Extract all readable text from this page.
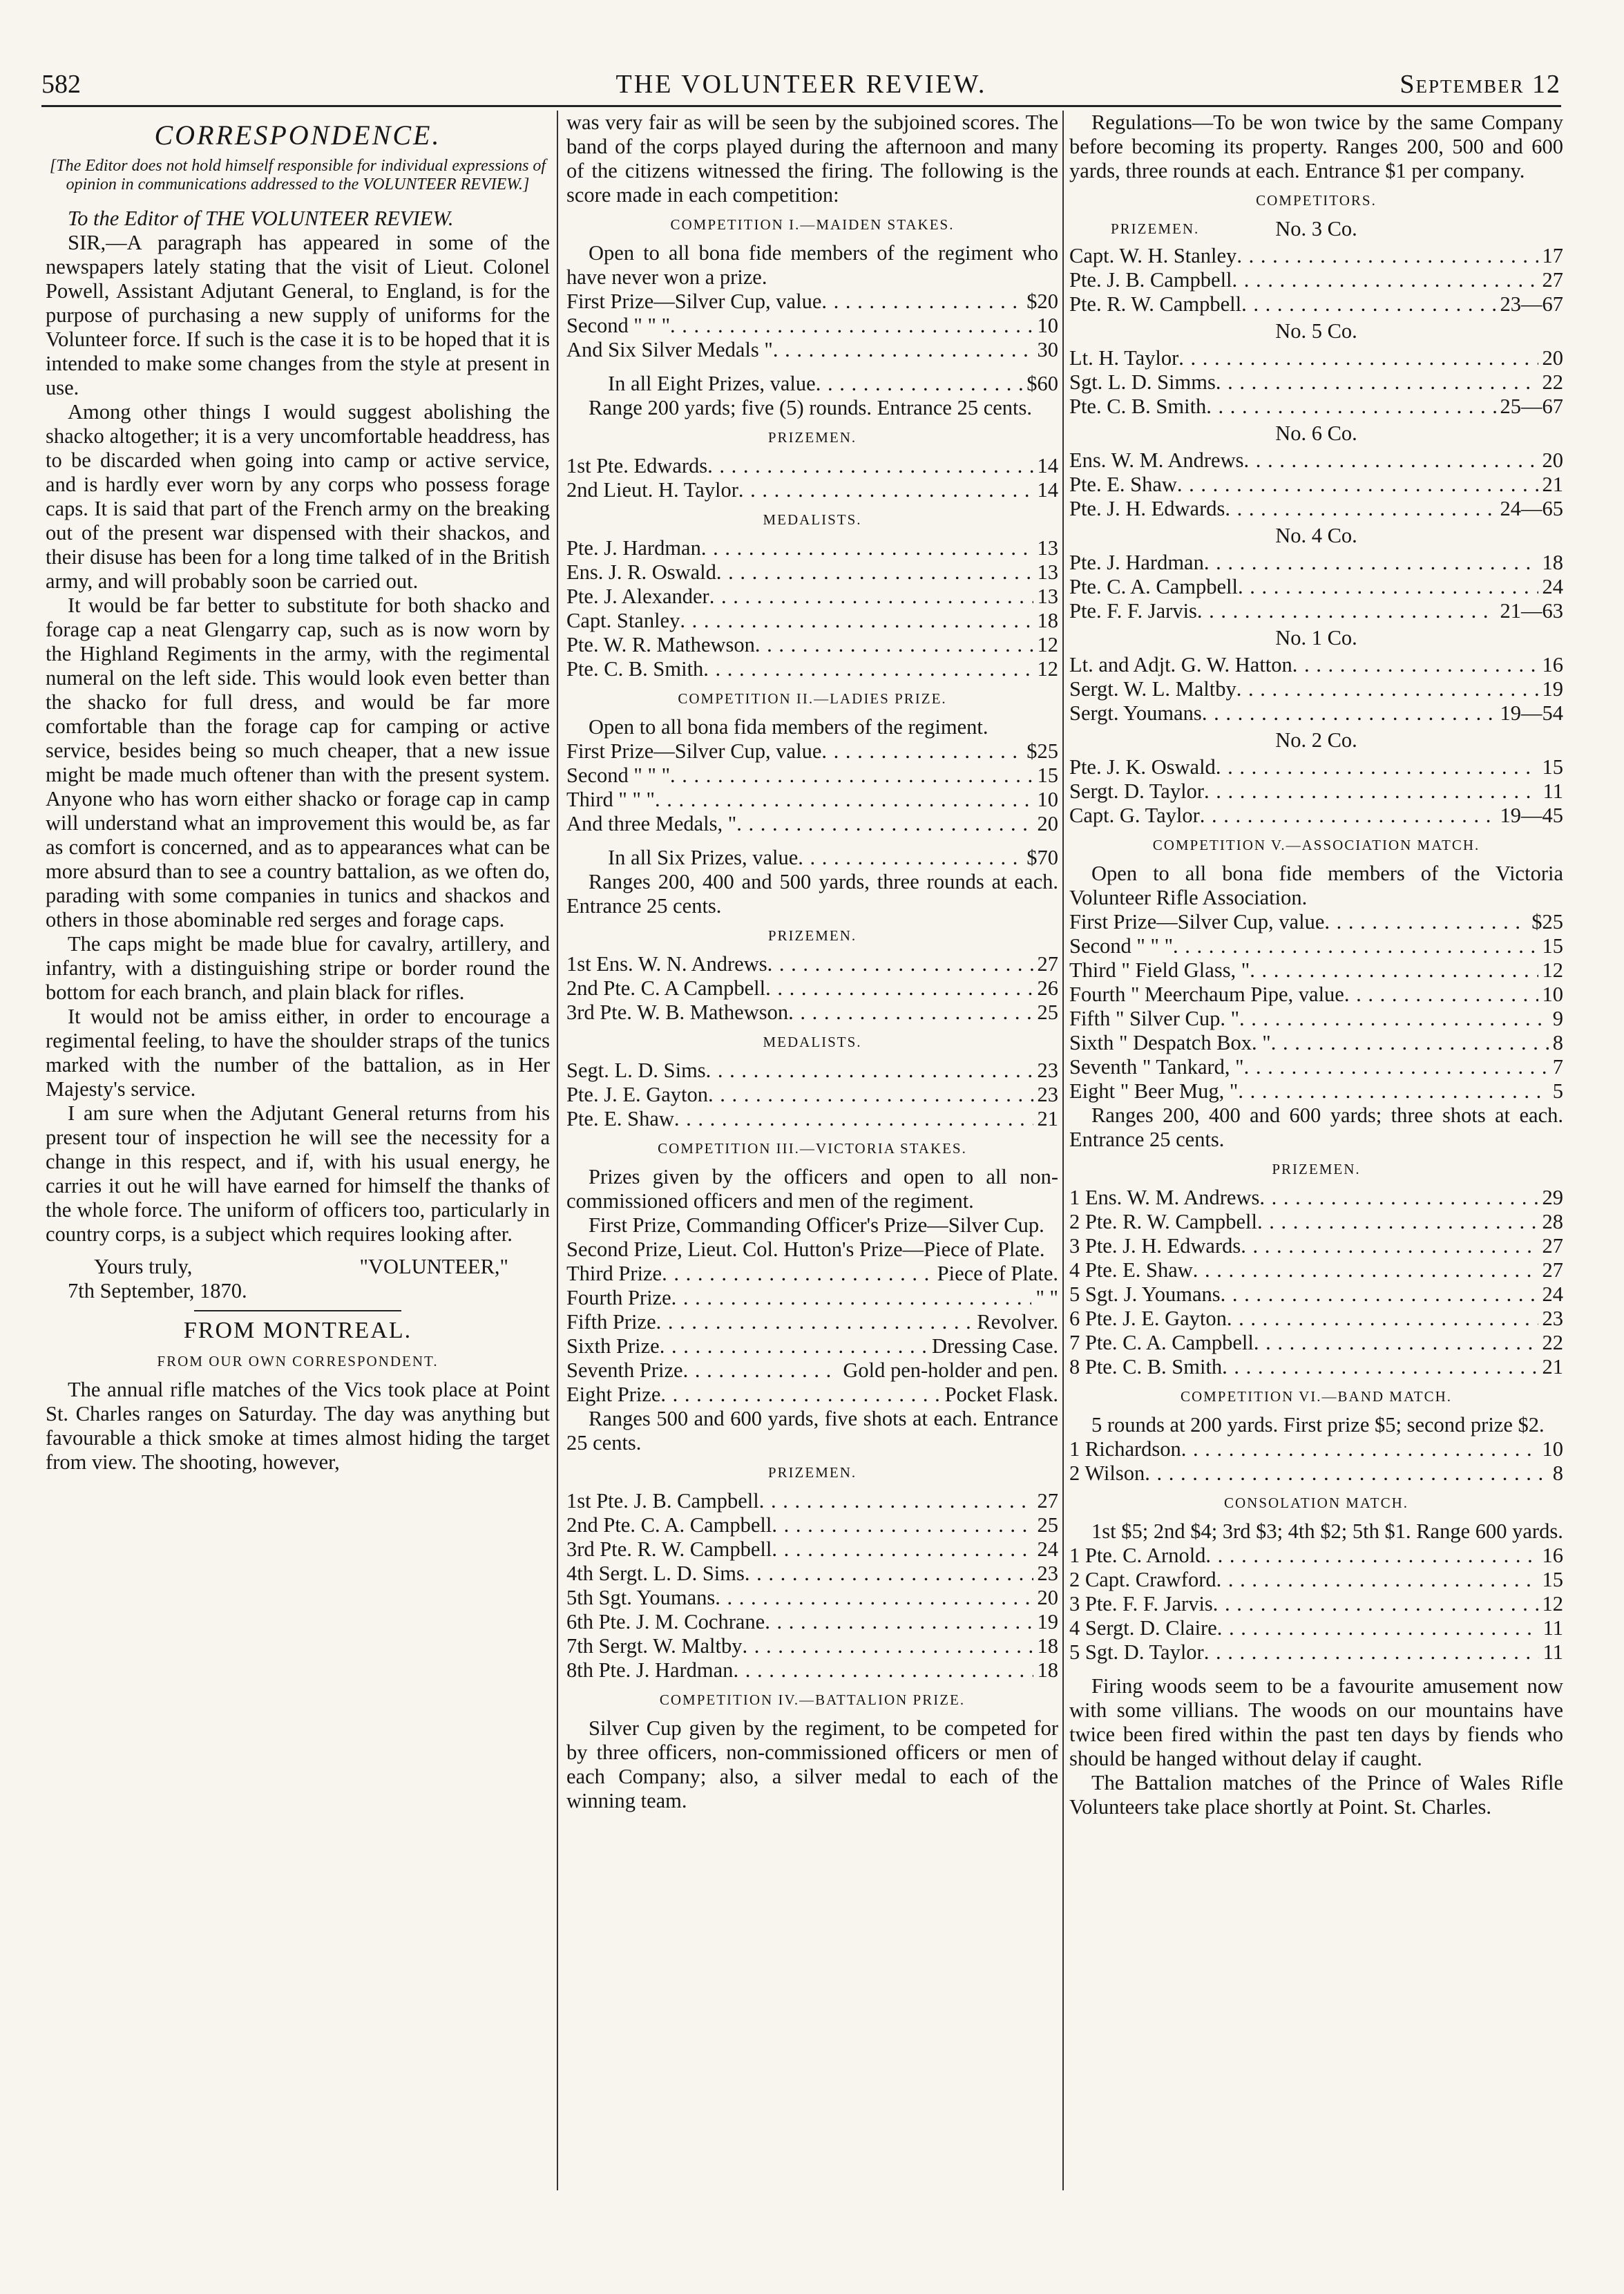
582	THE VOLUNTEER REVIEW.	September 12
CORRESPONDENCE.

[The Editor does not hold himself responsible for individual expressions of opinion in communications addressed to the VOLUNTEER REVIEW.]

To the Editor of THE VOLUNTEER REVIEW.

SIR,—A paragraph has appeared in some of the newspapers lately stating that the visit of Lieut. Colonel Powell, Assistant Adjutant General, to England, is for the purpose of purchasing a new supply of uniforms for the Volunteer force. If such is the case it is to be hoped that it is intended to make some changes from the style at present in use.

Among other things I would suggest abolishing the shacko altogether; it is a very uncomfortable headdress, has to be discarded when going into camp or active service, and is hardly ever worn by any corps who possess forage caps. It is said that part of the French army on the breaking out of the present war dispensed with their shackos, and their disuse has been for a long time talked of in the British army, and will probably soon be carried out.

It would be far better to substitute for both shacko and forage cap a neat Glengarry cap, such as is now worn by the Highland Regiments in the army, with the regimental numeral on the left side. This would look even better than the shacko for full dress, and would be far more comfortable than the forage cap for camping or active service, besides being so much cheaper, that a new issue might be made much oftener than with the present system. Anyone who has worn either shacko or forage cap in camp will understand what an improvement this would be, as far as comfort is concerned, and as to appearances what can be more absurd than to see a country battalion, as we often do, parading with some companies in tunics and shackos and others in those abominable red serges and forage caps.

The caps might be made blue for cavalry, artillery, and infantry, with a distinguishing stripe or border round the bottom for each branch, and plain black for rifles.

It would not be amiss either, in order to encourage a regimental feeling, to have the shoulder straps of the tunics marked with the number of the battalion, as in Her Majesty's service.

I am sure when the Adjutant General returns from his present tour of inspection he will see the necessity for a change in this respect, and if, with his usual energy, he carries it out he will have earned for himself the thanks of the whole force. The uniform of officers too, particularly in country corps, is a subject which requires looking after.

Yours truly,	"VOLUNTEER,"

7th September, 1870.

FROM MONTREAL.
FROM OUR OWN CORRESPONDENT.

The annual rifle matches of the Vics took place at Point St. Charles ranges on Saturday. The day was anything but favourable a thick smoke at times almost hiding the target from view. The shooting, however,

was very fair as will be seen by the subjoined scores. The band of the corps played during the afternoon and many of the citizens witnessed the firing. The following is the score made in each competition:

COMPETITION I.—MAIDEN STAKES.

Open to all bona fide members of the regiment who have never won a prize.

First Prize—Silver Cup, value . . .	$20
Second " " " . . .	10
And Six Silver Medals " . . .	30
In all Eight Prizes, value . . .	$60

Range 200 yards; five (5) rounds. Entrance 25 cents.

PRIZEMEN.
1st Pte. Edwards . . .	14
2nd Lieut. H. Taylor . . .	14
MEDALISTS.
Pte. J. Hardman . . .	13
Ens. J. R. Oswald . . .	13
Pte. J. Alexander . . .	13
Capt. Stanley . . .	18
Pte. W. R. Mathewson . . .	12
Pte. C. B. Smith . . .	12
COMPETITION II.—LADIES PRIZE.

Open to all bona fida members of the regiment.

First Prize—Silver Cup, value . . .	$25
Second " " " . . .	15
Third " " " . . .	10
And three Medals, " . . .	20
In all Six Prizes, value . . .	$70

Ranges 200, 400 and 500 yards, three rounds at each. Entrance 25 cents.

PRIZEMEN.
1st Ens. W. N. Andrews . . .	27
2nd Pte. C. A Campbell . . .	26
3rd Pte. W. B. Mathewson . . .	25
MEDALISTS.
Segt. L. D. Sims . . .	23
Pte. J. E. Gayton . . .	23
Pte. E. Shaw . . .	21
COMPETITION III.—VICTORIA STAKES.

Prizes given by the officers and open to all non-commissioned officers and men of the regiment.

First Prize, Commanding Officer's Prize—Silver Cup.

Second Prize, Lieut. Col. Hutton's Prize—Piece of Plate.

Third Prize . . .	Piece of Plate.
Fourth Prize . . .	" "
Fifth Prize . . .	Revolver.
Sixth Prize . . .	Dressing Case.
Seventh Prize . . .	Gold pen-holder and pen.
Eight Prize . . .	Pocket Flask.

Ranges 500 and 600 yards, five shots at each. Entrance 25 cents.

PRIZEMEN.
1st Pte. J. B. Campbell . . .	27
2nd Pte. C. A. Campbell . . .	25
3rd Pte. R. W. Campbell . . .	24
4th Sergt. L. D. Sims . . .	23
5th Sgt. Youmans . . .	20
6th Pte. J. M. Cochrane . . .	19
7th Sergt. W. Maltby . . .	18
8th Pte. J. Hardman . . .	18
COMPETITION IV.—BATTALION PRIZE.

Silver Cup given by the regiment, to be competed for by three officers, non-commissioned officers or men of each Company; also, a silver medal to each of the winning team.

Regulations—To be won twice by the same Company before becoming its property. Ranges 200, 500 and 600 yards, three rounds at each. Entrance $1 per company.

COMPETITORS.
PRIZEMEN.	No. 3 Co.
Capt. W. H. Stanley . . .	17
Pte. J. B. Campbell . . .	27
Pte. R. W. Campbell . . .	23—67
No. 5 Co.
Lt. H. Taylor . . .	20
Sgt. L. D. Simms . . .	22
Pte. C. B. Smith . . .	25—67
No. 6 Co.
Ens. W. M. Andrews . . .	20
Pte. E. Shaw . . .	21
Pte. J. H. Edwards . . .	24—65
No. 4 Co.
Pte. J. Hardman . . .	18
Pte. C. A. Campbell . . .	24
Pte. F. F. Jarvis . . .	21—63
No. 1 Co.
Lt. and Adjt. G. W. Hatton . . .	16
Sergt. W. L. Maltby . . .	19
Sergt. Youmans . . .	19—54
No. 2 Co.
Pte. J. K. Oswald . . .	15
Sergt. D. Taylor . . .	11
Capt. G. Taylor . . .	19—45
COMPETITION V.—ASSOCIATION MATCH.

Open to all bona fide members of the Victoria Volunteer Rifle Association.

First Prize—Silver Cup, value . . .	$25
Second " " " . . .	15
Third " Field Glass, " . . .	12
Fourth " Meerchaum Pipe, value . . .	10
Fifth " Silver Cup. " . . .	9
Sixth " Despatch Box. " . . .	8
Seventh " Tankard, " . . .	7
Eight " Beer Mug, " . . .	5

Ranges 200, 400 and 600 yards; three shots at each. Entrance 25 cents.

PRIZEMEN.
1 Ens. W. M. Andrews . . .	29
2 Pte. R. W. Campbell . . .	28
3 Pte. J. H. Edwards . . .	27
4 Pte. E. Shaw . . .	27
5 Sgt. J. Youmans . . .	24
6 Pte. J. E. Gayton . . .	23
7 Pte. C. A. Campbell . . .	22
8 Pte. C. B. Smith . . .	21
COMPETITION VI.—BAND MATCH.

5 rounds at 200 yards. First prize $5; second prize $2.

1 Richardson . . .	10
2 Wilson . . .	8
CONSOLATION MATCH.

1st $5; 2nd $4; 3rd $3; 4th $2; 5th $1. Range 600 yards.

1 Pte. C. Arnold . . .	16
2 Capt. Crawford . . .	15
3 Pte. F. F. Jarvis . . .	12
4 Sergt. D. Claire . . .	11
5 Sgt. D. Taylor . . .	11

Firing woods seem to be a favourite amusement now with some villians. The woods on our mountains have twice been fired within the past ten days by fiends who should be hanged without delay if caught.

The Battalion matches of the Prince of Wales Rifle Volunteers take place shortly at Point. St. Charles.
